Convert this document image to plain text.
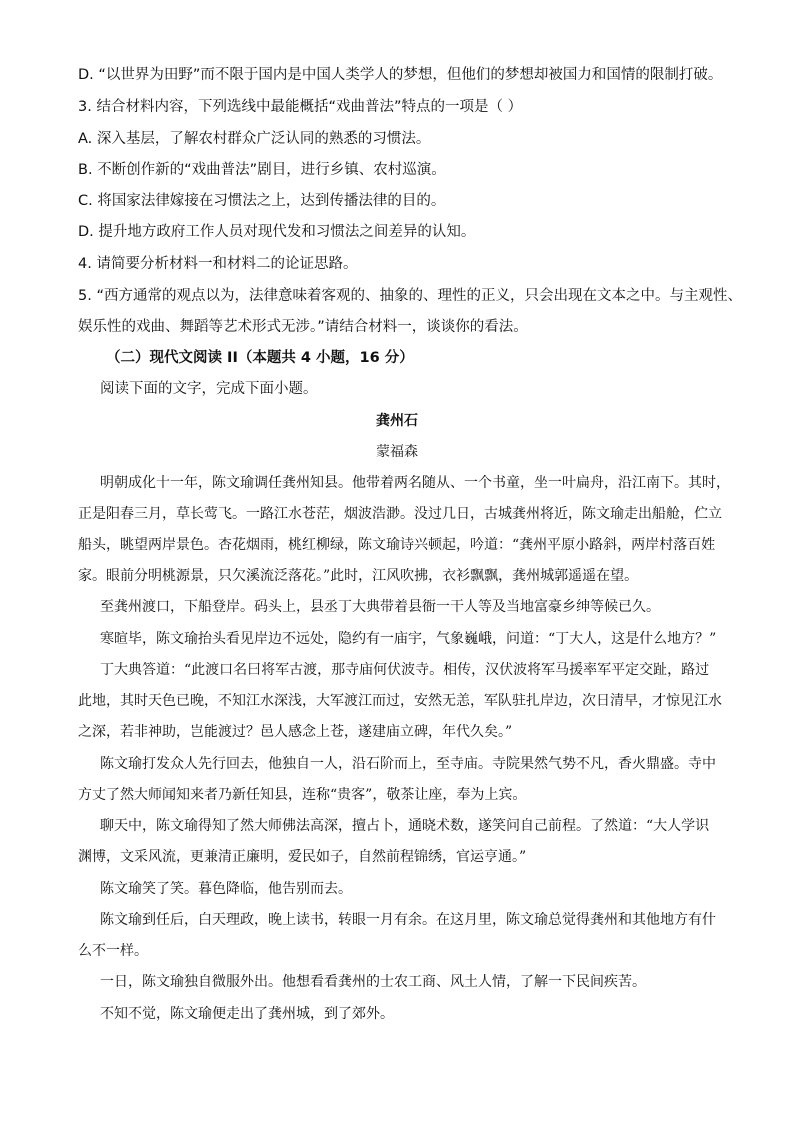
D. “以世界为田野”而不限于国内是中国人类学人的梦想，但他们的梦想却被国力和国情的限制打破。
3. 结合材料内容，下列选线中最能概括“戏曲普法”特点的一项是（ ）
A. 深入基层，了解农村群众广泛认同的熟悉的习惯法。
B. 不断创作新的“戏曲普法”剧目，进行乡镇、农村巡演。
C. 将国家法律嫁接在习惯法之上，达到传播法律的目的。
D. 提升地方政府工作人员对现代发和习惯法之间差异的认知。
4. 请简要分析材料一和材料二的论证思路。
5. “西方通常的观点以为，法律意味着客观的、抽象的、理性的正义，只会出现在文本之中。与主观性、
娱乐性的戏曲、舞蹈等艺术形式无涉。”请结合材料一，谈谈你的看法。
（二）现代文阅读 II（本题共 4 小题，16 分）
阅读下面的文字，完成下面小题。
龚州石
蒙福森
明朝成化十一年，陈文瑜调任龚州知县。他带着两名随从、一个书童，坐一叶扁舟，沿江南下。其时，
正是阳春三月，草长莺飞。一路江水苍茫，烟波浩渺。没过几日，古城龚州将近，陈文瑜走出船舱，伫立
船头，眺望两岸景色。杏花烟雨，桃红柳绿，陈文瑜诗兴顿起，吟道：“龚州平原小路斜，两岸村落百姓
家。眼前分明桃源景，只欠溪流泛落花。”此时，江风吹拂，衣衫飘飘，龚州城郭遥遥在望。
至龚州渡口，下船登岸。码头上，县丞丁大典带着县衙一干人等及当地富豪乡绅等候已久。
寒暄毕，陈文瑜抬头看见岸边不远处，隐约有一庙宇，气象巍峨，问道：“丁大人，这是什么地方？”
丁大典答道：“此渡口名曰将军古渡，那寺庙何伏波寺。相传，汉伏波将军马援率军平定交趾，路过
此地，其时天色已晚，不知江水深浅，大军渡江而过，安然无恙，军队驻扎岸边，次日清早，才惊见江水
之深，若非神助，岂能渡过？邑人感念上苍，遂建庙立碑，年代久矣。”
陈文瑜打发众人先行回去，他独自一人，沿石阶而上，至寺庙。寺院果然气势不凡，香火鼎盛。寺中
方丈了然大师闻知来者乃新任知县，连称“贵客”，敬茶让座，奉为上宾。
聊天中，陈文瑜得知了然大师佛法高深，擅占卜，通晓术数，遂笑问自己前程。了然道：“大人学识
渊博，文采风流，更兼清正廉明，爱民如子，自然前程锦绣，官运亨通。”
陈文瑜笑了笑。暮色降临，他告别而去。
陈文瑜到任后，白天理政，晚上读书，转眼一月有余。在这月里，陈文瑜总觉得龚州和其他地方有什
么不一样。
一日，陈文瑜独自微服外出。他想看看龚州的士农工商、风土人情，了解一下民间疾苦。
不知不觉，陈文瑜便走出了龚州城，到了郊外。
